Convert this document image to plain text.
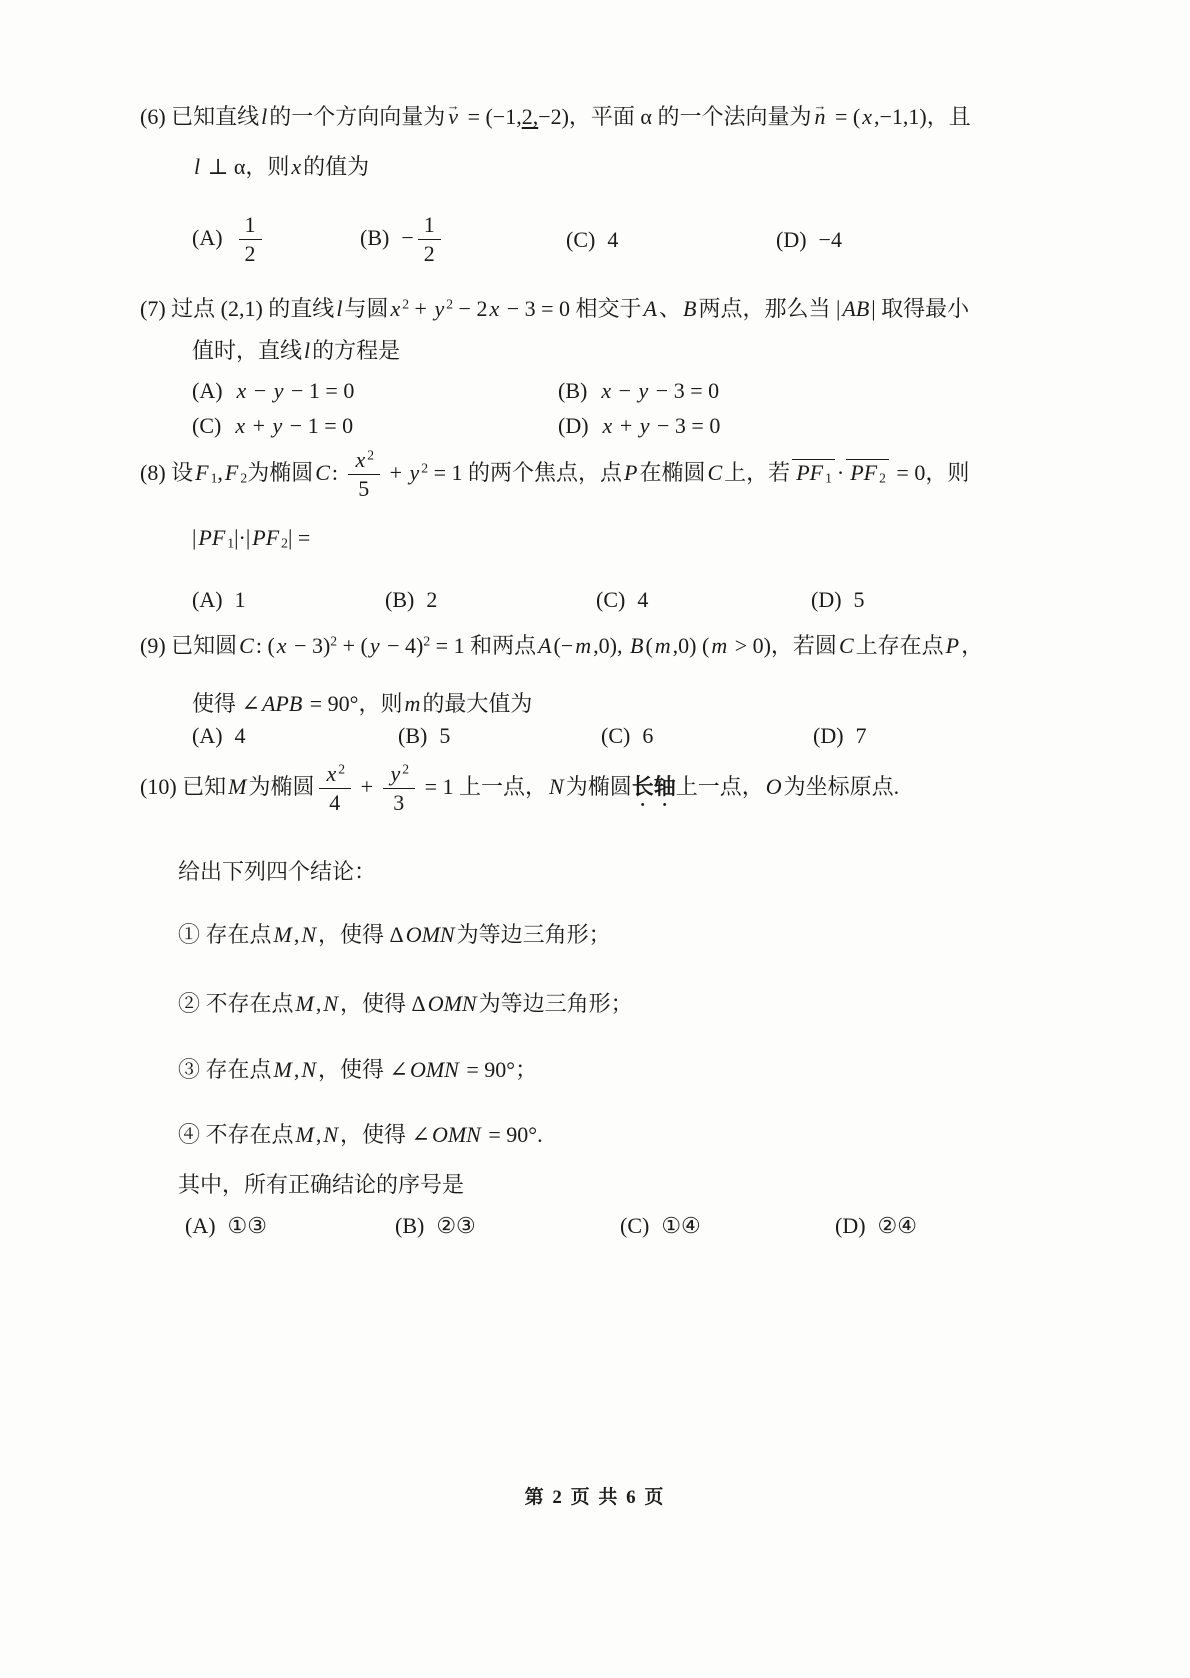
(6) 已知直线l的一个方向向量为 → v = (−1,2,−2)，平面 α 的一个法向量为 → n = (x,−1,1)，且
l ⊥ α，则x的值为
$(A) \frac{1}{2}$	$(B) - \frac{1}{2}$	(C) 4	(D) −4
(7) 过点 (2,1) 的直线l与圆x $^2$ + y $^2$ − 2x − 3 = 0 相交于A、B两点，那么当 |AB| 取得最小
值时，直线l的方程是
(A) x − y − 1 = 0	(B) x − y − 3 = 0
(C) x + y − 1 = 0	(D) x + y − 3 = 0
(8) 设F 1,F 2为椭圆C: $\frac{x ^2}{5} + y$ $^2$ = 1 的两个焦点，点P在椭圆C上，若 PF 1 · PF 2 = 0，则
|PF 1|·|PF 2| =
(A) 1	(B) 2	(C) 4	(D) 5
(9) 已知圆C: $(x - 3)^2 + (y - 4)^2 = 1$ 和两点A(−m,0), B(m,0) (m > 0)，若圆C上存在点P，
使得 ∠APB = 90°，则m的最大值为
(A) 4	(B) 5	(C) 6	(D) 7
(10) 已知M为椭圆 $\frac{x ^2}{4} + \frac{y ^2}{3} = 1$ 上一点，N为椭圆长轴上一点，O为坐标原点.
给出下列四个结论：
① 存在点M,N，使得 ΔOMN为等边三角形；
② 不存在点M,N，使得 ΔOMN为等边三角形；
③ 存在点M,N，使得 ∠OMN = 90°；
④ 不存在点M,N，使得 ∠OMN = 90°.
其中，所有正确结论的序号是
(A) ①③	(B) ②③	(C) ①④	(D) ②④
第 2 页 共 6 页
